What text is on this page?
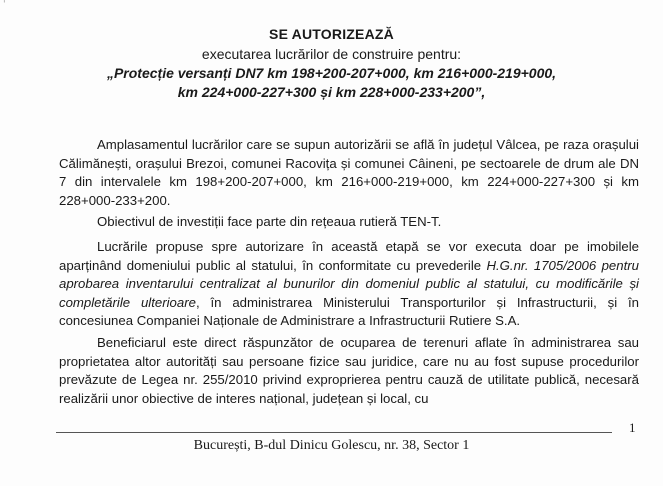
ˈ
SE AUTORIZEAZĂ
executarea lucrărilor de construire pentru:
„Protecție versanți DN7 km 198+200-207+000, km 216+000-219+000,
km 224+000-227+300 și km 228+000-233+200”,
Amplasamentul lucrărilor care se supun autorizării se află în județul Vâlcea, pe raza orașului Călimănești, orașului Brezoi, comunei Racovița și comunei Câineni, pe sectoarele de drum ale DN 7 din intervalele km 198+200-207+000, km 216+000-219+000, km 224+000-227+300 și km 228+000-233+200.
Obiectivul de investiții face parte din rețeaua rutieră TEN-T.
Lucrările propuse spre autorizare în această etapă se vor executa doar pe imobilele aparținând domeniului public al statului, în conformitate cu prevederile H.G.nr. 1705/2006 pentru aprobarea inventarului centralizat al bunurilor din domeniul public al statului, cu modificările și completările ulterioare, în administrarea Ministerului Transporturilor și Infrastructurii, și în concesiunea Companiei Naționale de Administrare a Infrastructurii Rutiere S.A.
Beneficiarul este direct răspunzător de ocuparea de terenuri aflate în administrarea sau proprietatea altor autorități sau persoane fizice sau juridice, care nu au fost supuse procedurilor prevăzute de Legea nr. 255/2010 privind exproprierea pentru cauză de utilitate publică, necesară realizării unor obiective de interes național, județean și local, cu
1
București, B-dul Dinicu Golescu, nr. 38, Sector 1
